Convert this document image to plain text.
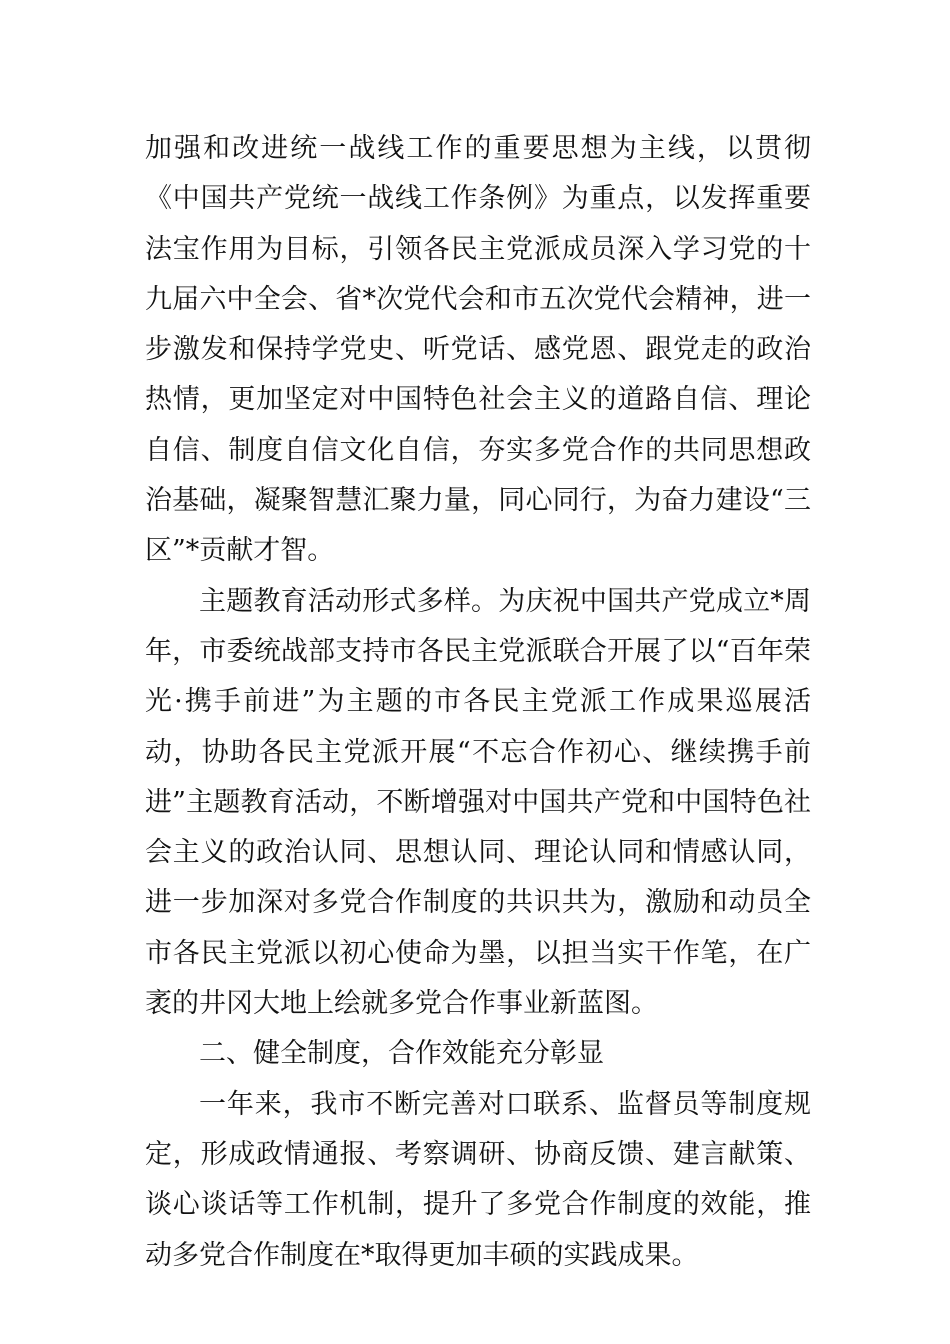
加强和改进统一战线工作的重要思想为主线，以贯彻《中国共产党统一战线工作条例》为重点，以发挥重要法宝作用为目标，引领各民主党派成员深入学习党的十九届六中全会、省*次党代会和市五次党代会精神，进一步激发和保持学党史、听党话、感党恩、跟党走的政治热情，更加坚定对中国特色社会主义的道路自信、理论自信、制度自信文化自信，夯实多党合作的共同思想政治基础，凝聚智慧汇聚力量，同心同行，为奋力建设“三区”*贡献才智。

主题教育活动形式多样。为庆祝中国共产党成立*周年，市委统战部支持市各民主党派联合开展了以“百年荣光·携手前进”为主题的市各民主党派工作成果巡展活动，协助各民主党派开展“不忘合作初心、继续携手前进”主题教育活动，不断增强对中国共产党和中国特色社会主义的政治认同、思想认同、理论认同和情感认同，进一步加深对多党合作制度的共识共为，激励和动员全市各民主党派以初心使命为墨，以担当实干作笔，在广袤的井冈大地上绘就多党合作事业新蓝图。

二、健全制度，合作效能充分彰显

一年来，我市不断完善对口联系、监督员等制度规定，形成政情通报、考察调研、协商反馈、建言献策、谈心谈话等工作机制，提升了多党合作制度的效能，推动多党合作制度在*取得更加丰硕的实践成果。
